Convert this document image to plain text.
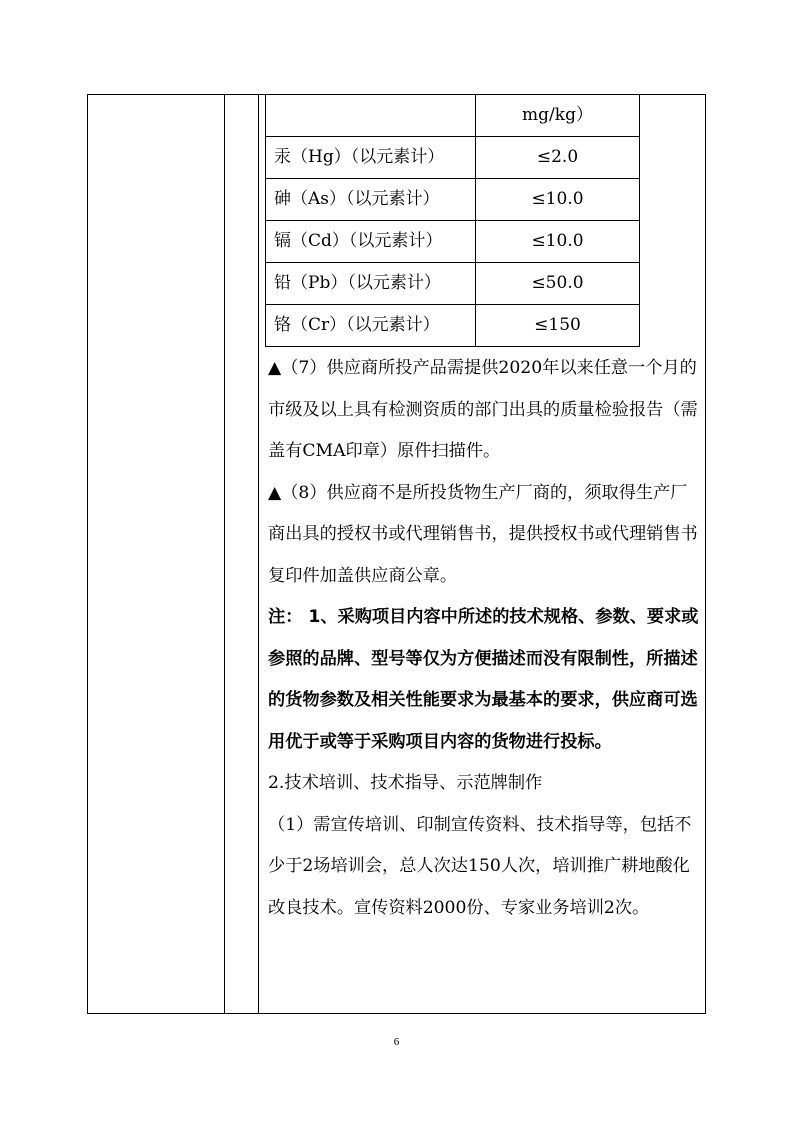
	mg/kg）
汞（Hg）（以元素计）	≤2.0
砷（As）（以元素计）	≤10.0
镉（Cd）（以元素计）	≤10.0
铅（Pb）（以元素计）	≤50.0
铬（Cr）（以元素计）	≤150

▲（7）供应商所投产品需提供2020年以来任意一个月的市级及以上具有检测资质的部门出具的质量检验报告（需盖有CMA印章）原件扫描件。

▲（8）供应商不是所投货物生产厂商的，须取得生产厂商出具的授权书或代理销售书，提供授权书或代理销售书复印件加盖供应商公章。

注： 1、采购项目内容中所述的技术规格、参数、要求或参照的品牌、型号等仅为方便描述而没有限制性，所描述的货物参数及相关性能要求为最基本的要求，供应商可选用优于或等于采购项目内容的货物进行投标。

2.技术培训、技术指导、示范牌制作

（1）需宣传培训、印制宣传资料、技术指导等，包括不少于2场培训会，总人次达150人次，培训推广耕地酸化改良技术。宣传资料2000份、专家业务培训2次。

6
